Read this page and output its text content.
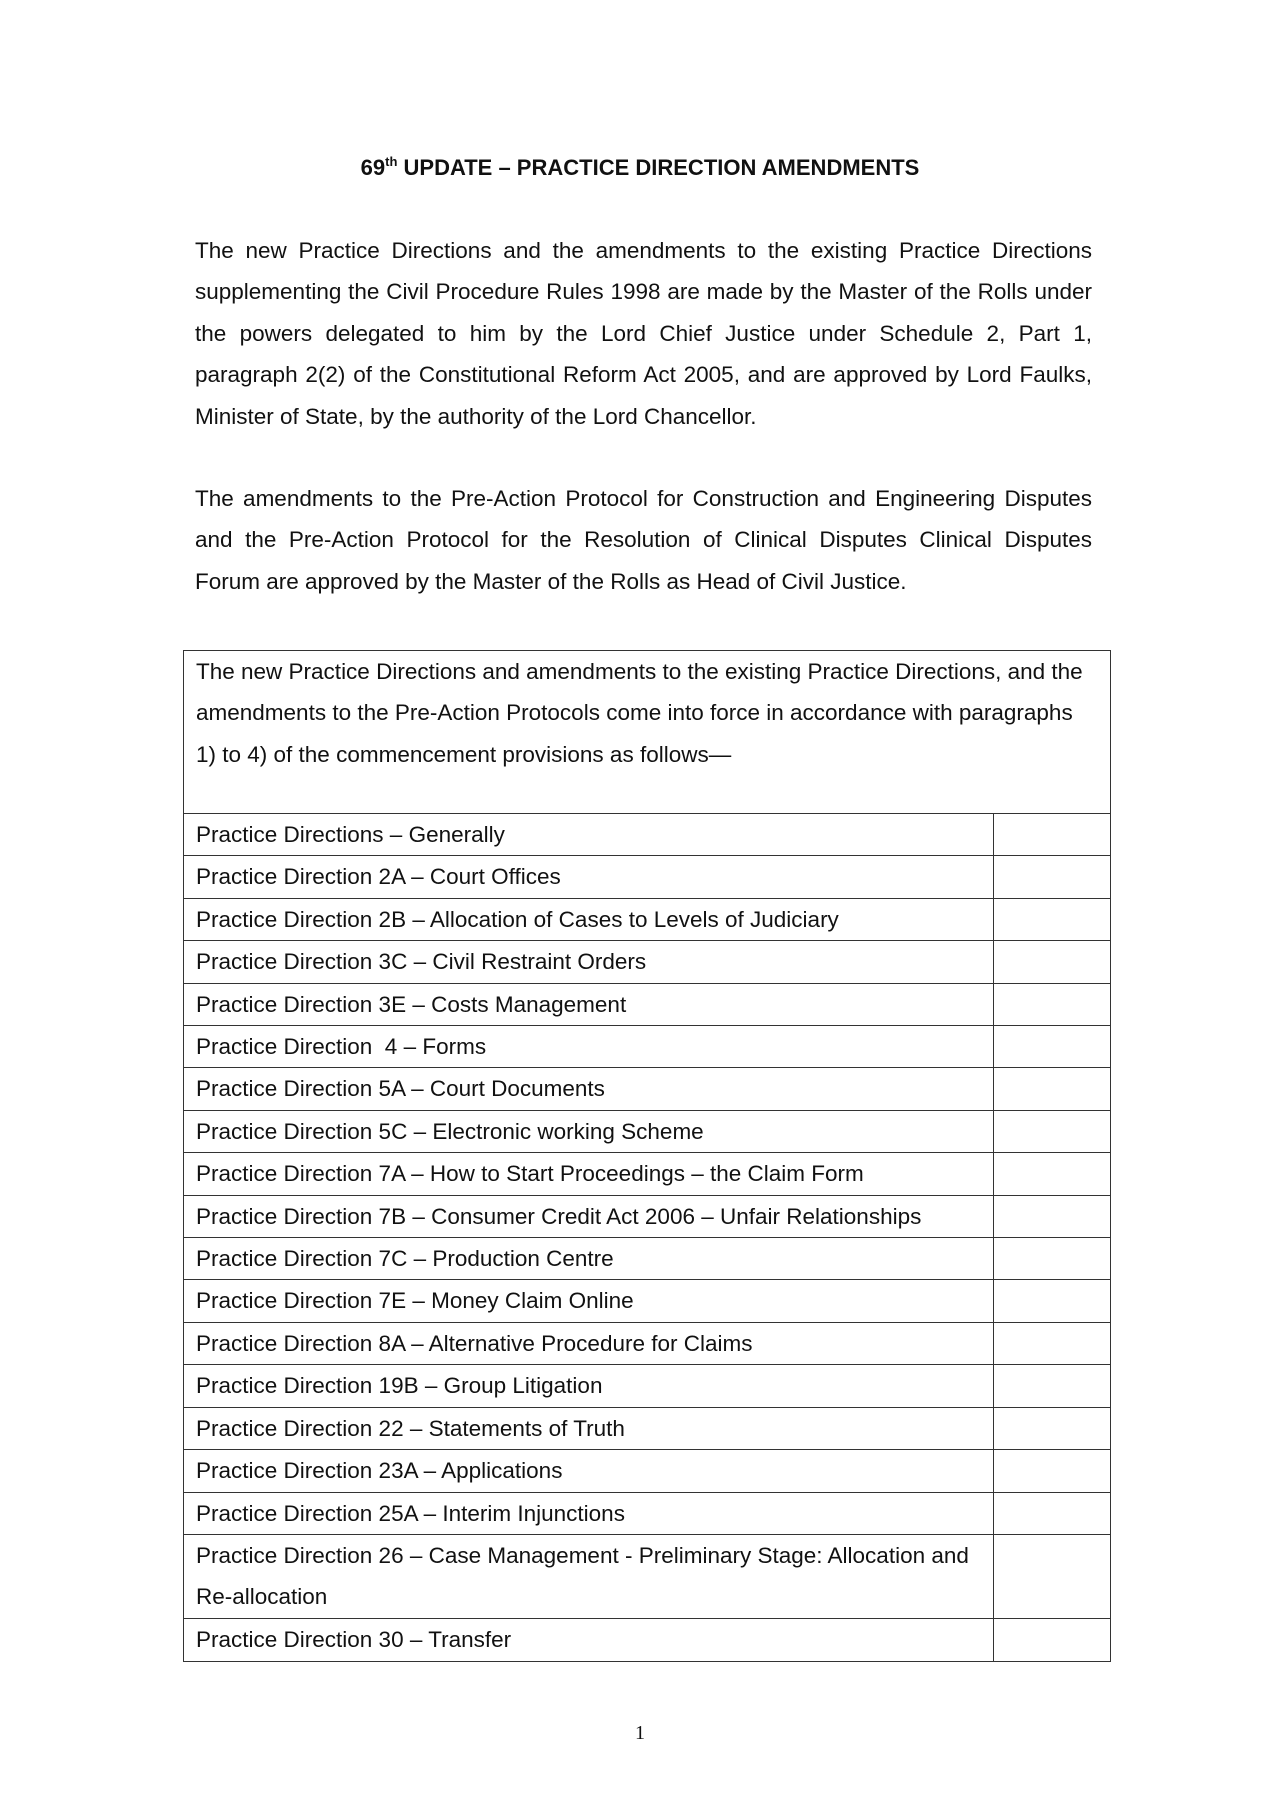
69th UPDATE – PRACTICE DIRECTION AMENDMENTS

The new Practice Directions and the amendments to the existing Practice Directions supplementing the Civil Procedure Rules 1998 are made by the Master of the Rolls under the powers delegated to him by the Lord Chief Justice under Schedule 2, Part 1, paragraph 2(2) of the Constitutional Reform Act 2005, and are approved by Lord Faulks, Minister of State, by the authority of the Lord Chancellor.

The amendments to the Pre-Action Protocol for Construction and Engineering Disputes and the Pre-Action Protocol for the Resolution of Clinical Disputes Clinical Disputes Forum are approved by the Master of the Rolls as Head of Civil Justice.

The new Practice Directions and amendments to the existing Practice Directions, and the amendments to the Pre-Action Protocols come into force in accordance with paragraphs 1) to 4) of the commencement provisions as follows—
Practice Directions – Generally
Practice Direction 2A – Court Offices
Practice Direction 2B – Allocation of Cases to Levels of Judiciary
Practice Direction 3C – Civil Restraint Orders
Practice Direction 3E – Costs Management
Practice Direction  4 – Forms
Practice Direction 5A – Court Documents
Practice Direction 5C – Electronic working Scheme
Practice Direction 7A – How to Start Proceedings – the Claim Form
Practice Direction 7B – Consumer Credit Act 2006 – Unfair Relationships
Practice Direction 7C – Production Centre
Practice Direction 7E – Money Claim Online
Practice Direction 8A – Alternative Procedure for Claims
Practice Direction 19B – Group Litigation
Practice Direction 22 – Statements of Truth
Practice Direction 23A – Applications
Practice Direction 25A – Interim Injunctions
Practice Direction 26 – Case Management - Preliminary Stage: Allocation and Re-allocation
Practice Direction 30 – Transfer
1
